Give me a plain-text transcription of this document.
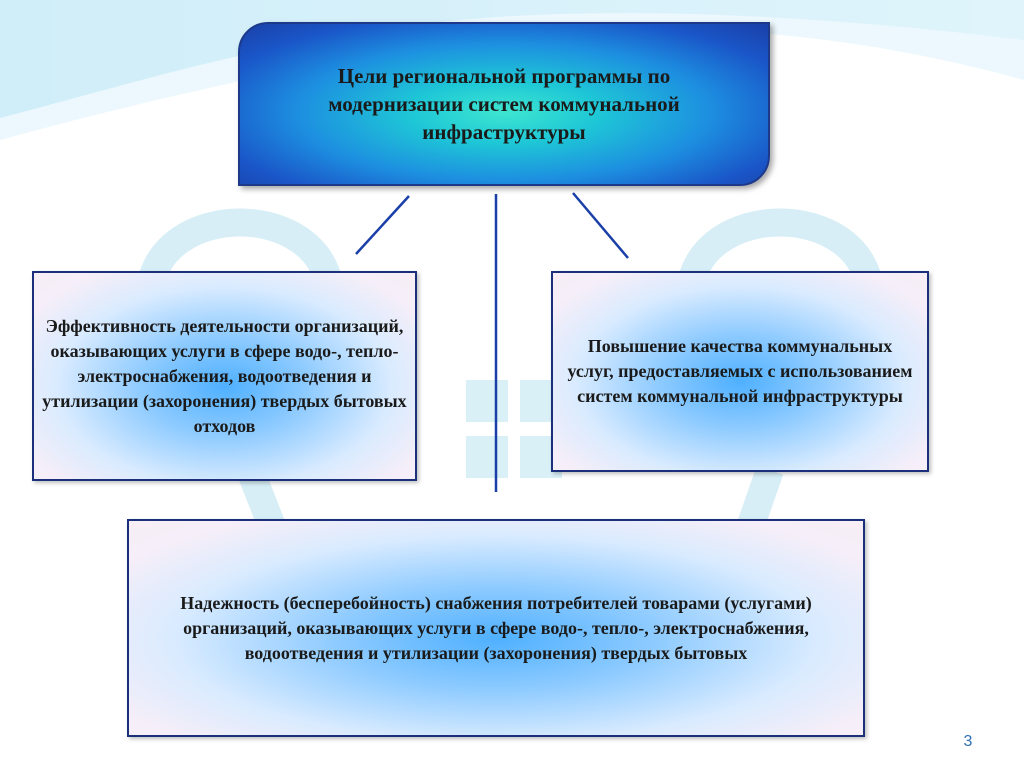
Цели региональной программы по модернизации систем коммунальной инфраструктуры
Эффективность деятельности организаций, оказывающих услуги в сфере водо-, тепло-электроснабжения, водоотведения и утилизации (захоронения) твердых бытовых отходов
Повышение качества коммунальных услуг, предоставляемых с использованием систем коммунальной инфраструктуры
Надежность (бесперебойность) снабжения потребителей товарами (услугами) организаций, оказывающих услуги в сфере водо-, тепло-, электроснабжения, водоотведения и утилизации (захоронения) твердых бытовых
3
